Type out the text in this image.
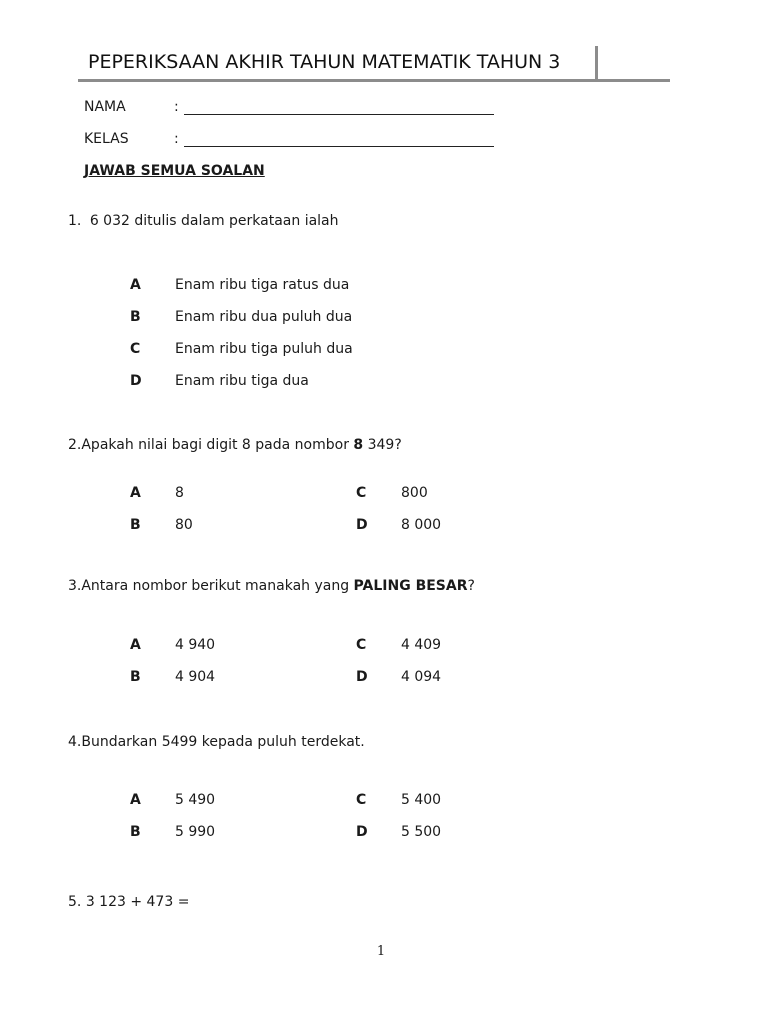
PEPERIKSAAN AKHIR TAHUN MATEMATIK TAHUN 3
NAMA	:
KELAS	:
JAWAB SEMUA SOALAN
1. 6 032 ditulis dalam perkataan ialah
A Enam ribu tiga ratus dua
B Enam ribu dua puluh dua
C Enam ribu tiga puluh dua
D Enam ribu tiga dua
2.Apakah nilai bagi digit 8 pada nombor 8 349?
A 8	C 800
B 80	D 8 000
3.Antara nombor berikut manakah yang PALING BESAR?
A 4 940	C 4 409
B 4 904	D 4 094
4.Bundarkan 5499 kepada puluh terdekat.
A 5 490	C 5 400
B 5 990	D 5 500
5. 3 123 + 473 =
1
